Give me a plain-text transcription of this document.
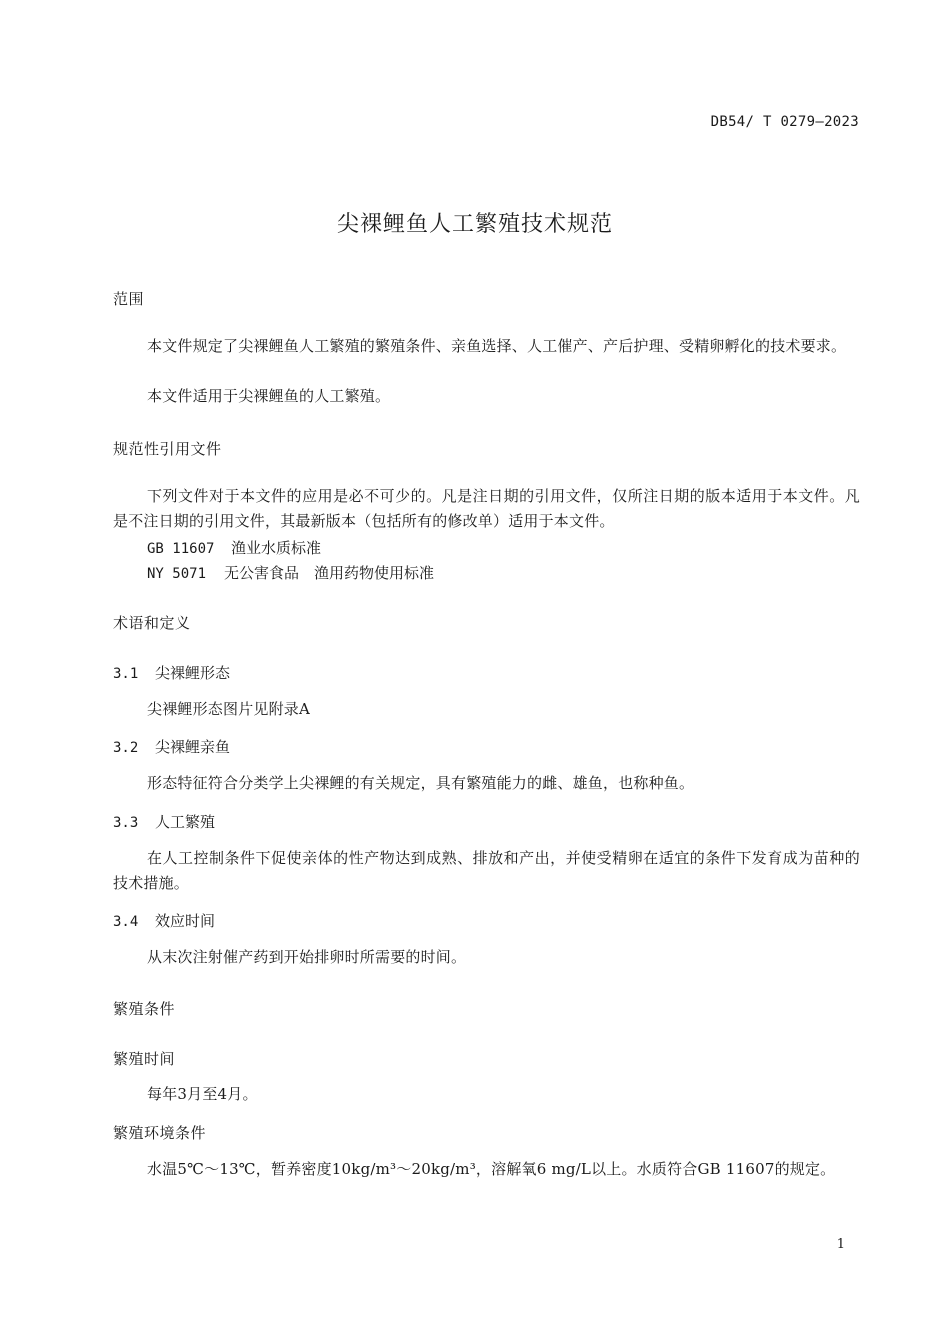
DB54/ T 0279—2023
尖裸鲤鱼人工繁殖技术规范
范围
本文件规定了尖裸鲤鱼人工繁殖的繁殖条件、亲鱼选择、人工催产、产后护理、受精卵孵化的技术要求。
本文件适用于尖裸鲤鱼的人工繁殖。
规范性引用文件
下列文件对于本文件的应用是必不可少的。凡是注日期的引用文件，仅所注日期的版本适用于本文件。凡是不注日期的引用文件，其最新版本（包括所有的修改单）适用于本文件。
GB 11607 渔业水质标准
NY 5071 无公害食品　渔用药物使用标准
术语和定义
3.1 尖裸鲤形态
尖裸鲤形态图片见附录A
3.2 尖裸鲤亲鱼
形态特征符合分类学上尖裸鲤的有关规定，具有繁殖能力的雌、雄鱼，也称种鱼。
3.3 人工繁殖
在人工控制条件下促使亲体的性产物达到成熟、排放和产出，并使受精卵在适宜的条件下发育成为苗种的技术措施。
3.4 效应时间
从末次注射催产药到开始排卵时所需要的时间。
繁殖条件
繁殖时间
每年3月至4月。
繁殖环境条件
水温5℃～13℃，暂养密度10kg/m³～20kg/m³，溶解氧6 mg/L以上。水质符合GB 11607的规定。
1
